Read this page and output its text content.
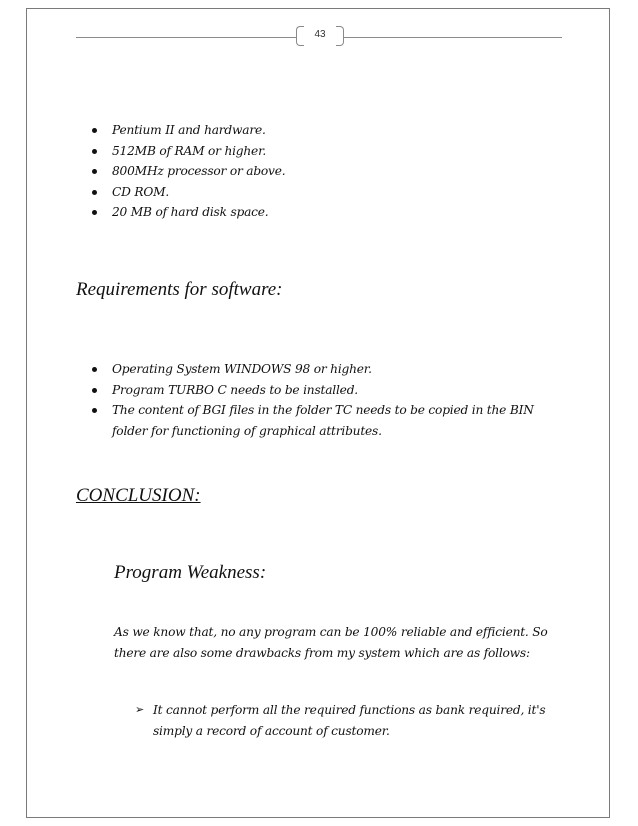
43
Pentium II and hardware.
512MB of RAM or higher.
800MHz processor or above.
CD ROM.
20 MB of hard disk space.
Requirements for software:
Operating System WINDOWS 98 or higher.
Program TURBO C needs to be installed.
The content of BGI files in the folder TC needs to be copied in the BIN folder for functioning of graphical attributes.
CONCLUSION:
Program Weakness:
As we know that, no any program can be 100% reliable and efficient. So there are also some drawbacks from my system which are as follows:
➢ It cannot perform all the required functions as bank required, it's simply a record of account of customer.
